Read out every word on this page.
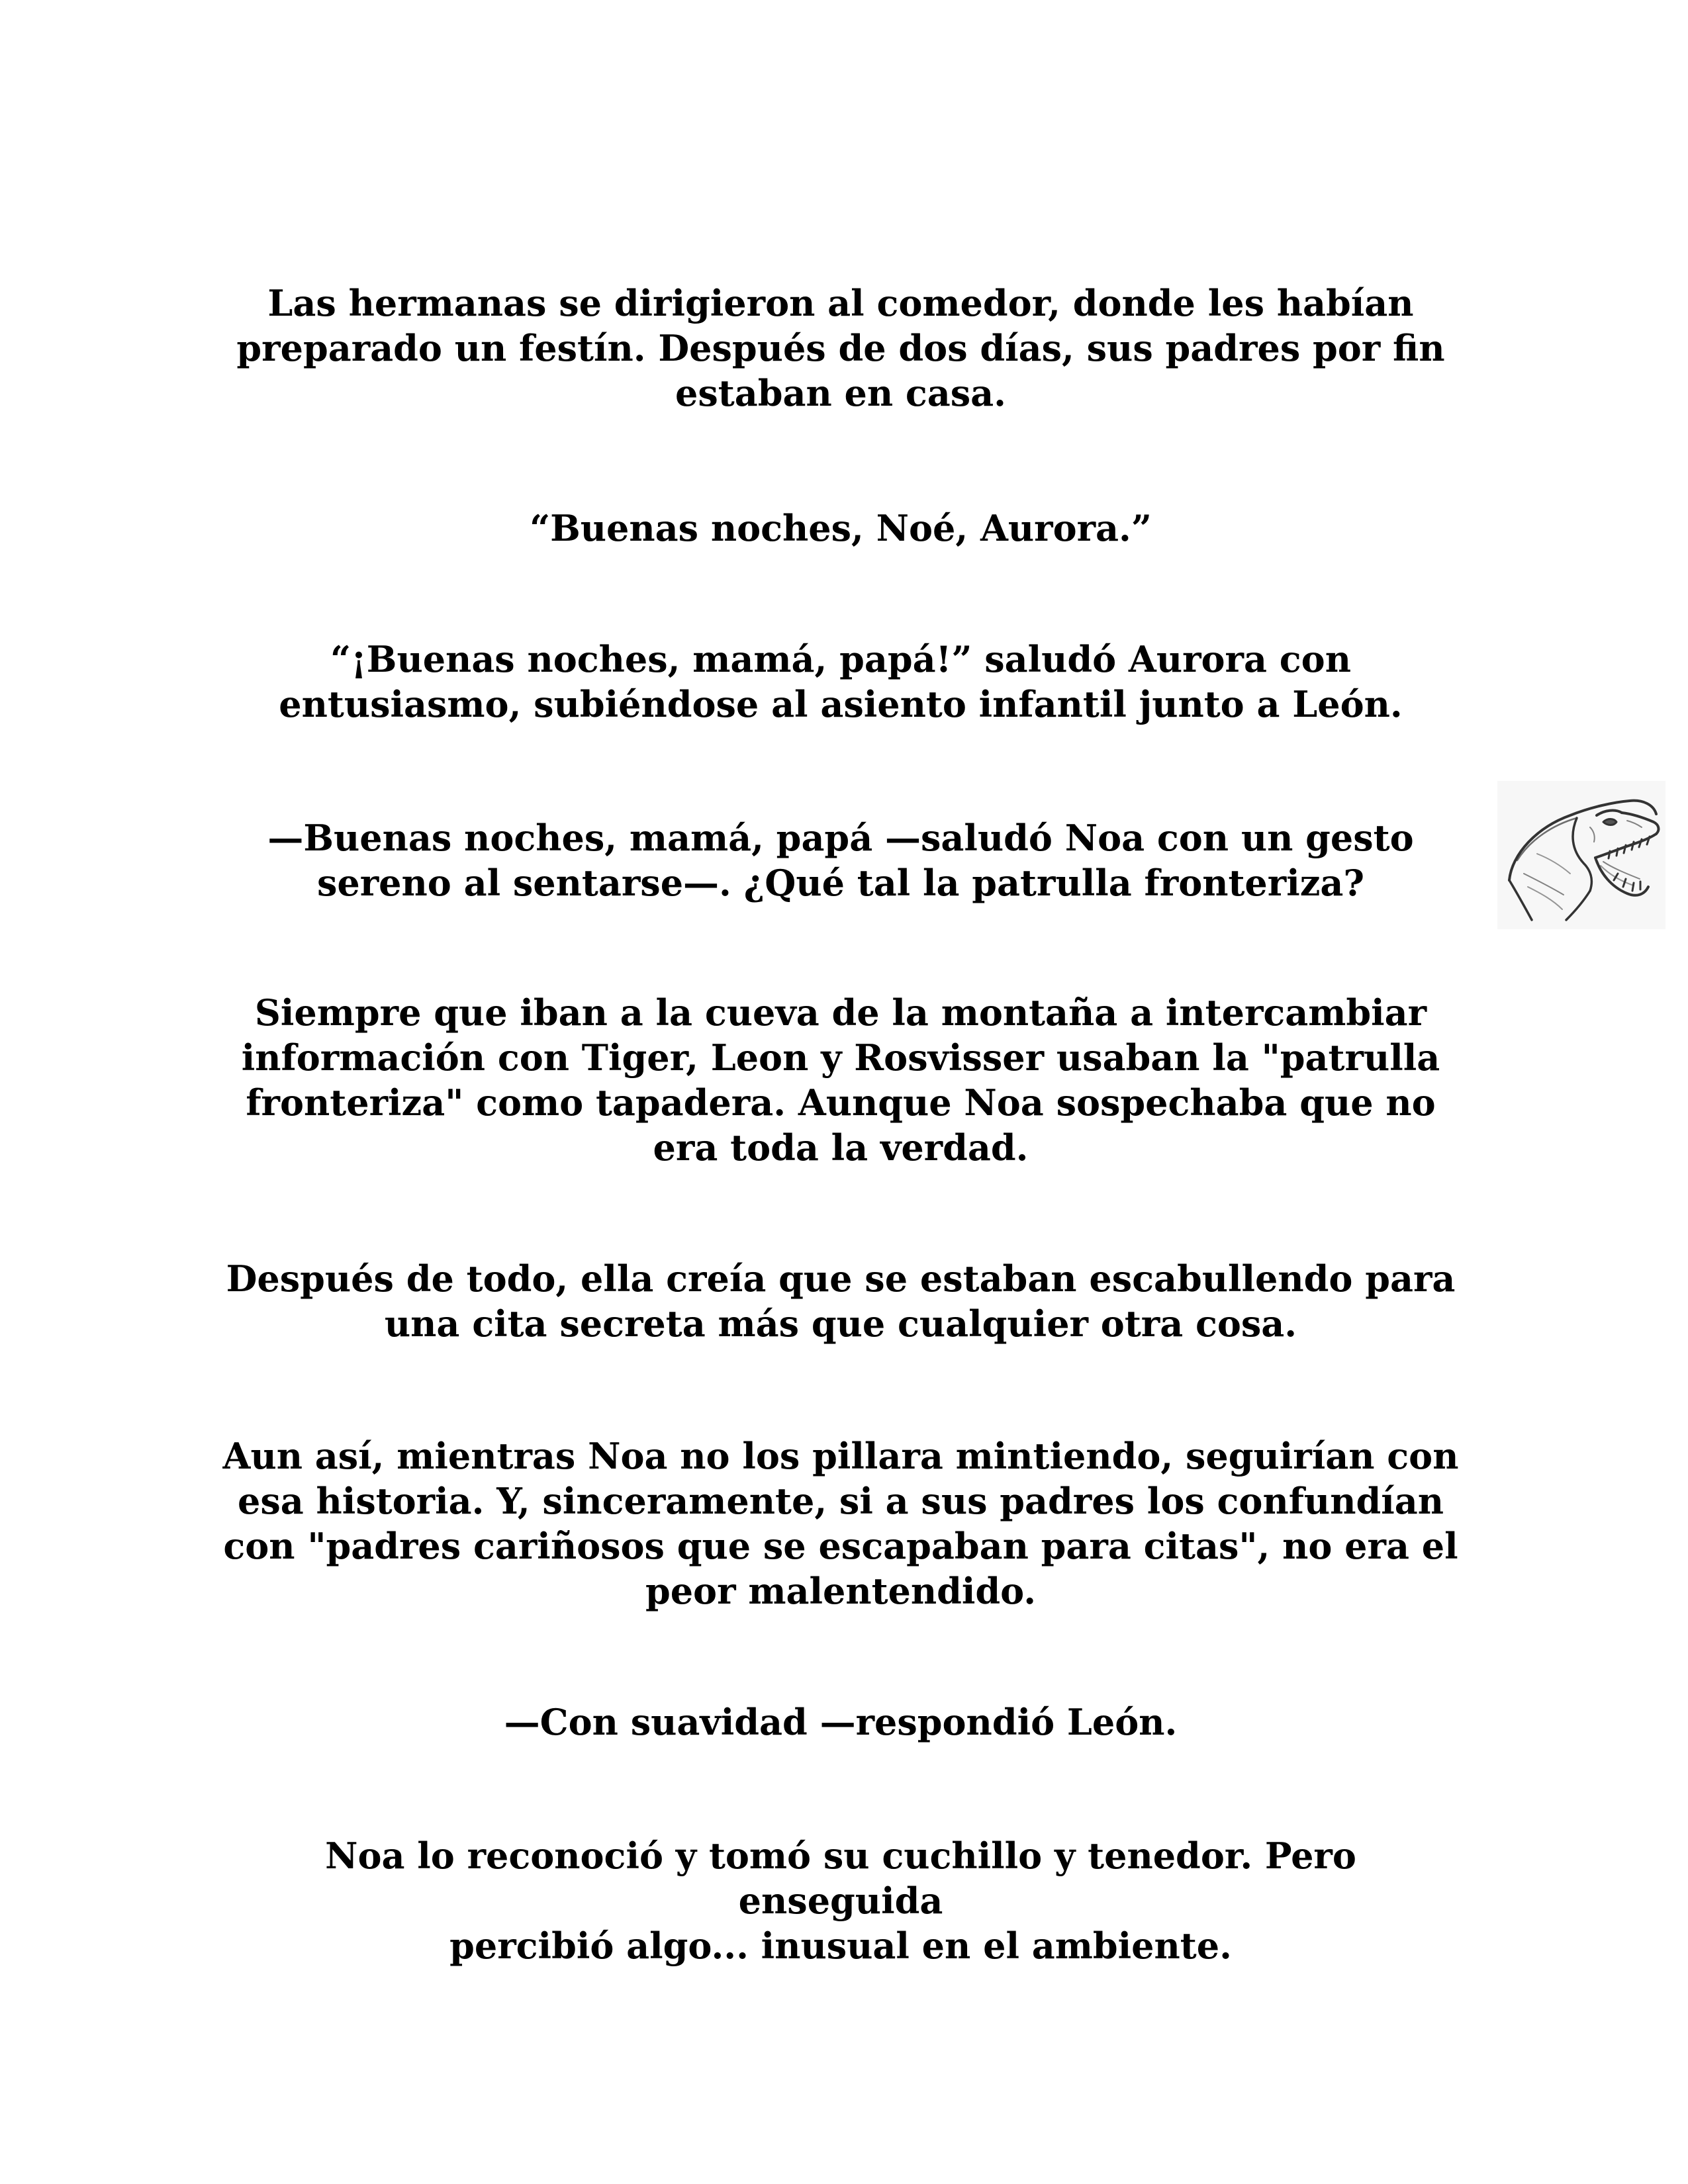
Las hermanas se dirigieron al comedor, donde les habían
preparado un festín. Después de dos días, sus padres por fin
estaban en casa.

“Buenas noches, Noé, Aurora.”

“¡Buenas noches, mamá, papá!” saludó Aurora con
entusiasmo, subiéndose al asiento infantil junto a León.

—Buenas noches, mamá, papá —saludó Noa con un gesto
sereno al sentarse—. ¿Qué tal la patrulla fronteriza?

Siempre que iban a la cueva de la montaña a intercambiar
información con Tiger, Leon y Rosvisser usaban la "patrulla
fronteriza" como tapadera. Aunque Noa sospechaba que no
era toda la verdad.

Después de todo, ella creía que se estaban escabullendo para
una cita secreta más que cualquier otra cosa.

Aun así, mientras Noa no los pillara mintiendo, seguirían con
esa historia. Y, sinceramente, si a sus padres los confundían
con "padres cariñosos que se escapaban para citas", no era el
peor malentendido.

—Con suavidad —respondió León.

Noa lo reconoció y tomó su cuchillo y tenedor. Pero enseguida
percibió algo... inusual en el ambiente.
